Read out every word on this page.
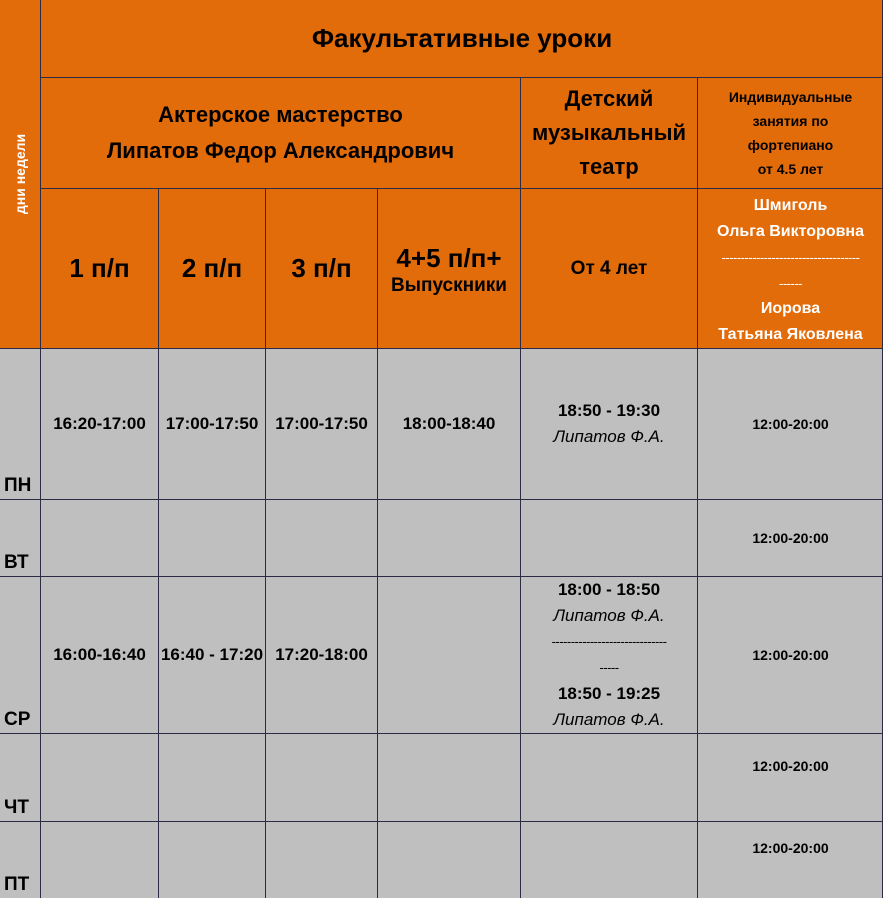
дни недели
Факультативные уроки
Актерское мастерство
Липатов Федор Александрович
Детский
музыкальный
театр
Индивидуальные
занятия по
фортепиано
от 4.5 лет
1 п/п 2 п/п 3 п/п 4+5 п/п+
Выпускники
От 4 лет
Шмиголь
Ольга Викторовна
------------------------------------
------
Иорова
Татьяна Яковлена
ПН
16:20-17:00 17:00-17:50 17:00-17:50 18:00-18:40
18:50 - 19:30
Липатов Ф.А.
12:00-20:00
ВТ
12:00-20:00
СР
16:00-16:40 16:40 - 17:20 17:20-18:00
18:00 - 18:50
Липатов Ф.А.
------------------------------
-----
18:50 - 19:25
Липатов Ф.А.
12:00-20:00
ЧТ
12:00-20:00
ПТ
12:00-20:00
